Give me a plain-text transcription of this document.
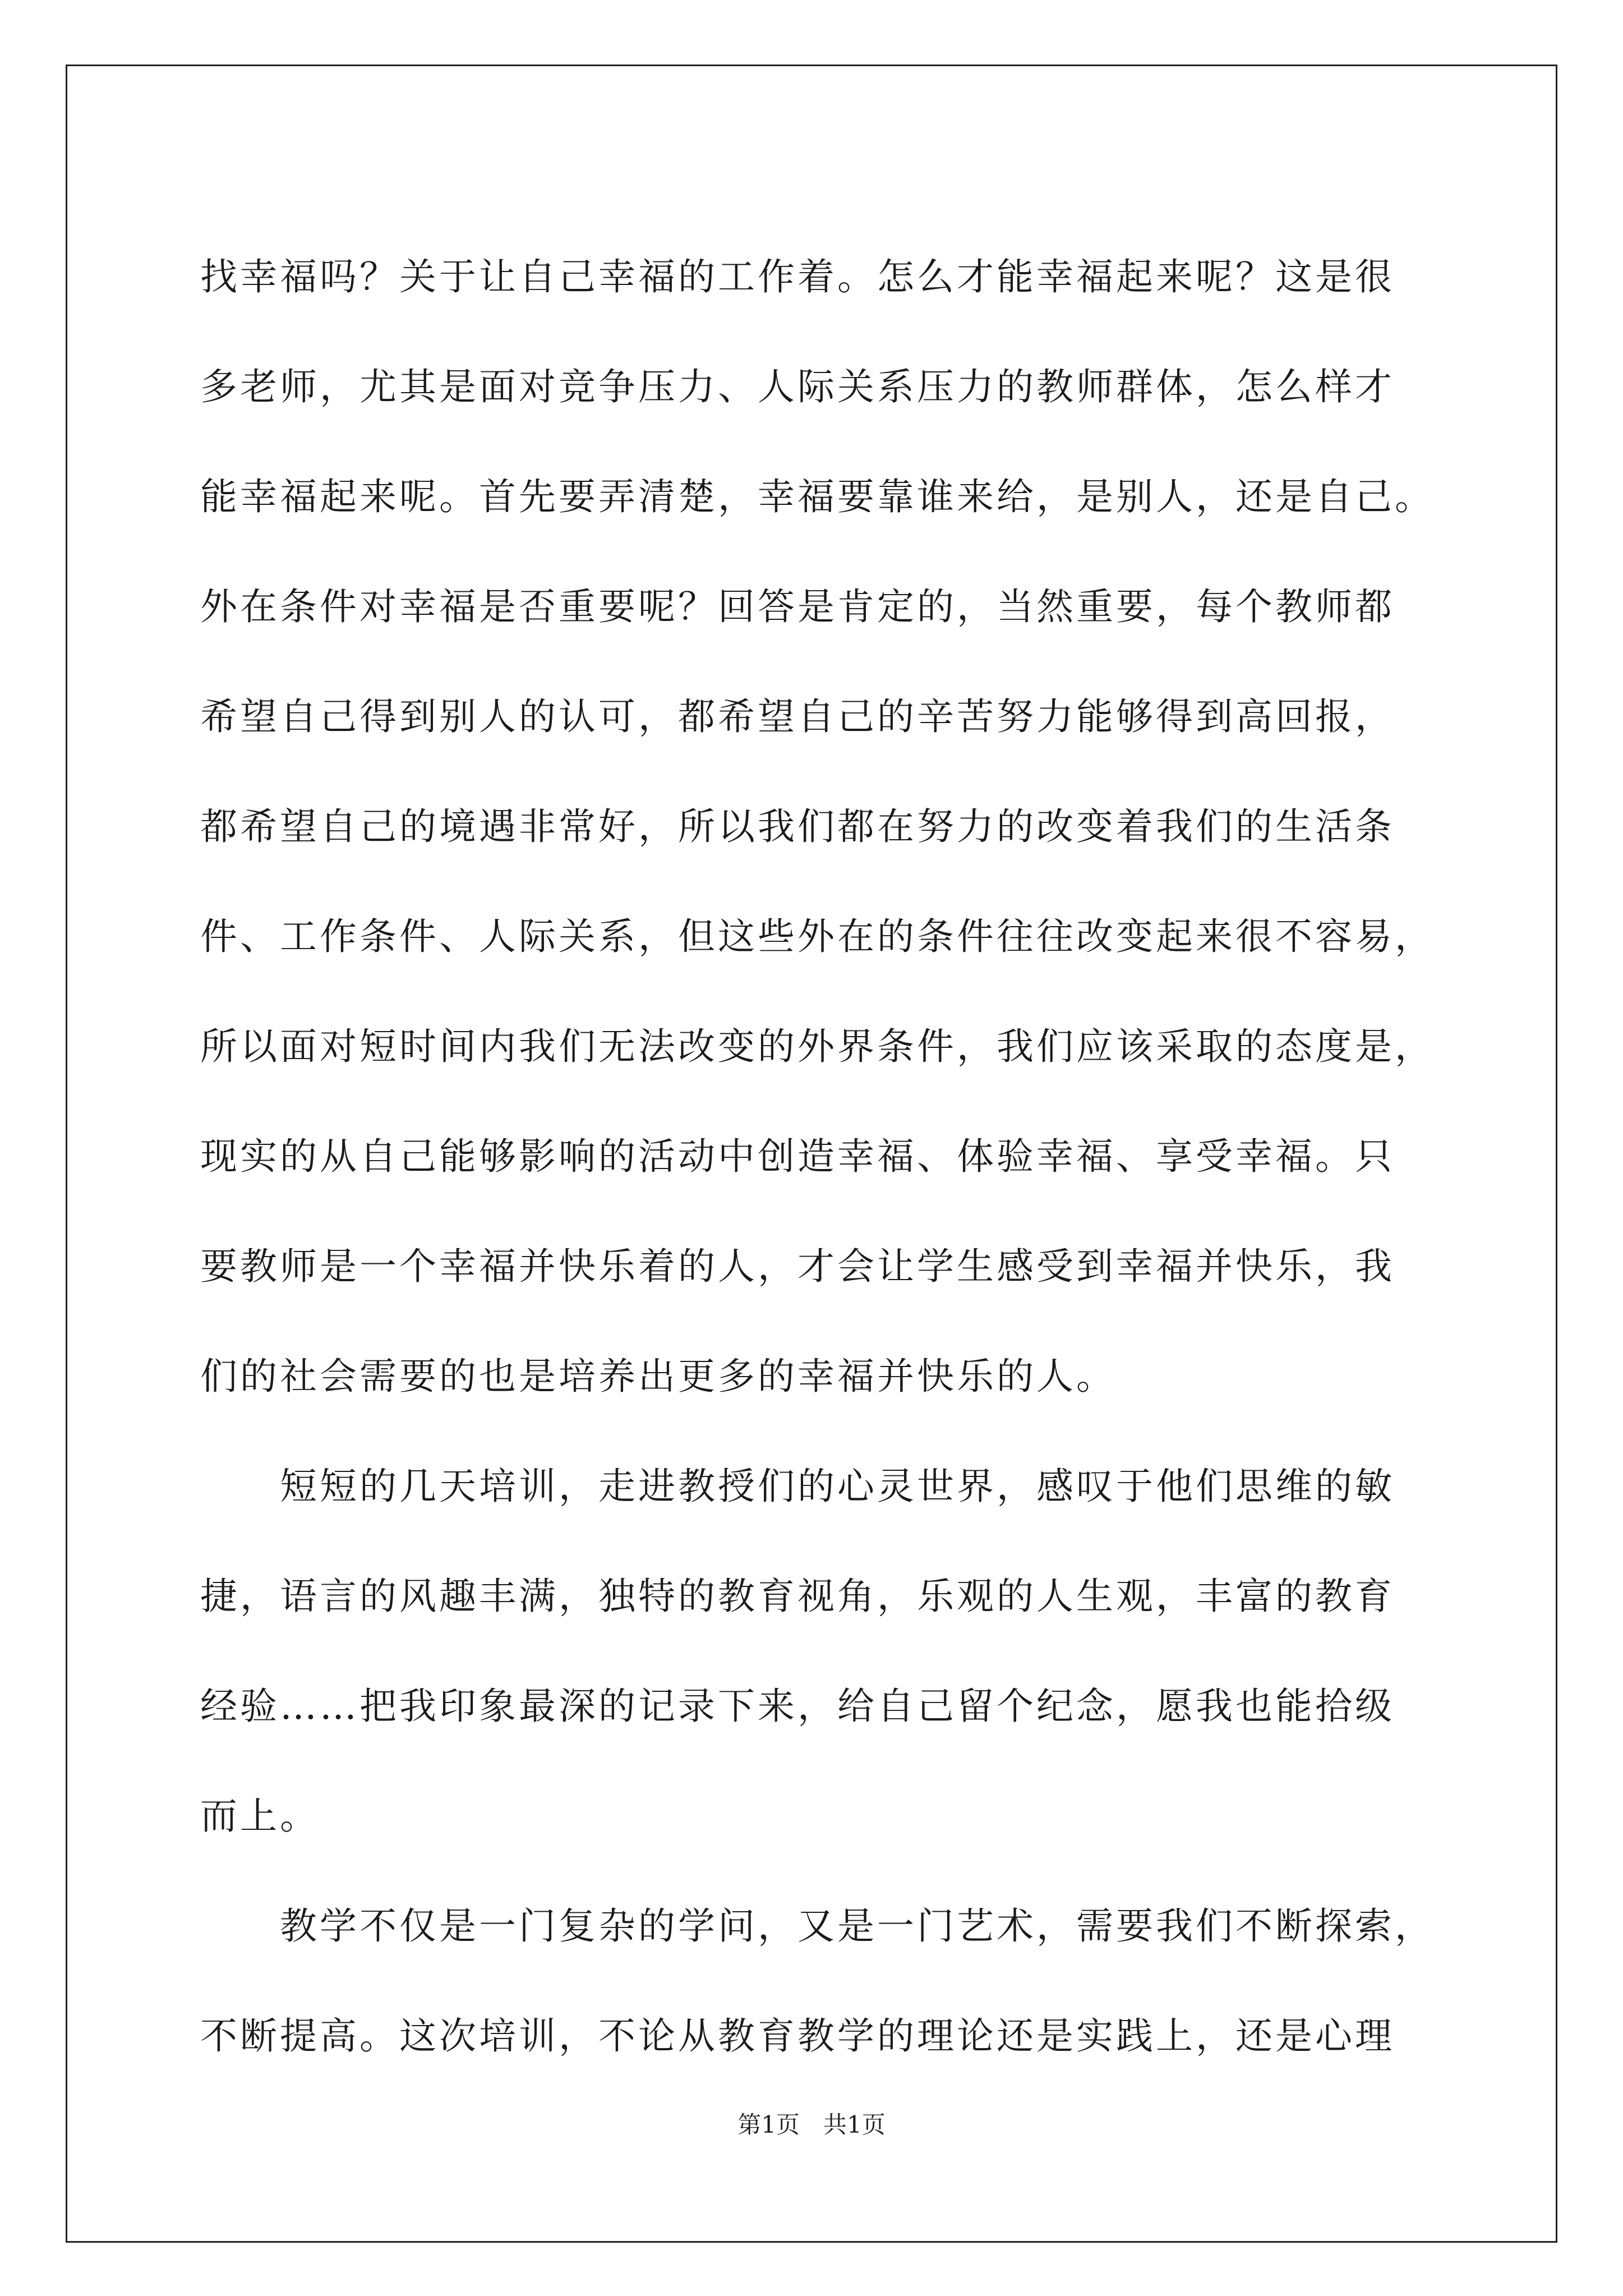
找幸福吗？关于让自己幸福的工作着。怎么才能幸福起来呢？这是很
多老师，尤其是面对竞争压力、人际关系压力的教师群体，怎么样才
能幸福起来呢。首先要弄清楚，幸福要靠谁来给，是别人，还是自己。
外在条件对幸福是否重要呢？回答是肯定的，当然重要，每个教师都
希望自己得到别人的认可，都希望自己的辛苦努力能够得到高回报，
都希望自己的境遇非常好，所以我们都在努力的改变着我们的生活条
件、工作条件、人际关系，但这些外在的条件往往改变起来很不容易，
所以面对短时间内我们无法改变的外界条件，我们应该采取的态度是，
现实的从自己能够影响的活动中创造幸福、体验幸福、享受幸福。只
要教师是一个幸福并快乐着的人，才会让学生感受到幸福并快乐，我
们的社会需要的也是培养出更多的幸福并快乐的人。
　　短短的几天培训，走进教授们的心灵世界，感叹于他们思维的敏
捷，语言的风趣丰满，独特的教育视角，乐观的人生观，丰富的教育
经验……把我印象最深的记录下来，给自己留个纪念，愿我也能拾级
而上。
　　教学不仅是一门复杂的学问，又是一门艺术，需要我们不断探索，
不断提高。这次培训，不论从教育教学的理论还是实践上，还是心理
第1页　共1页
